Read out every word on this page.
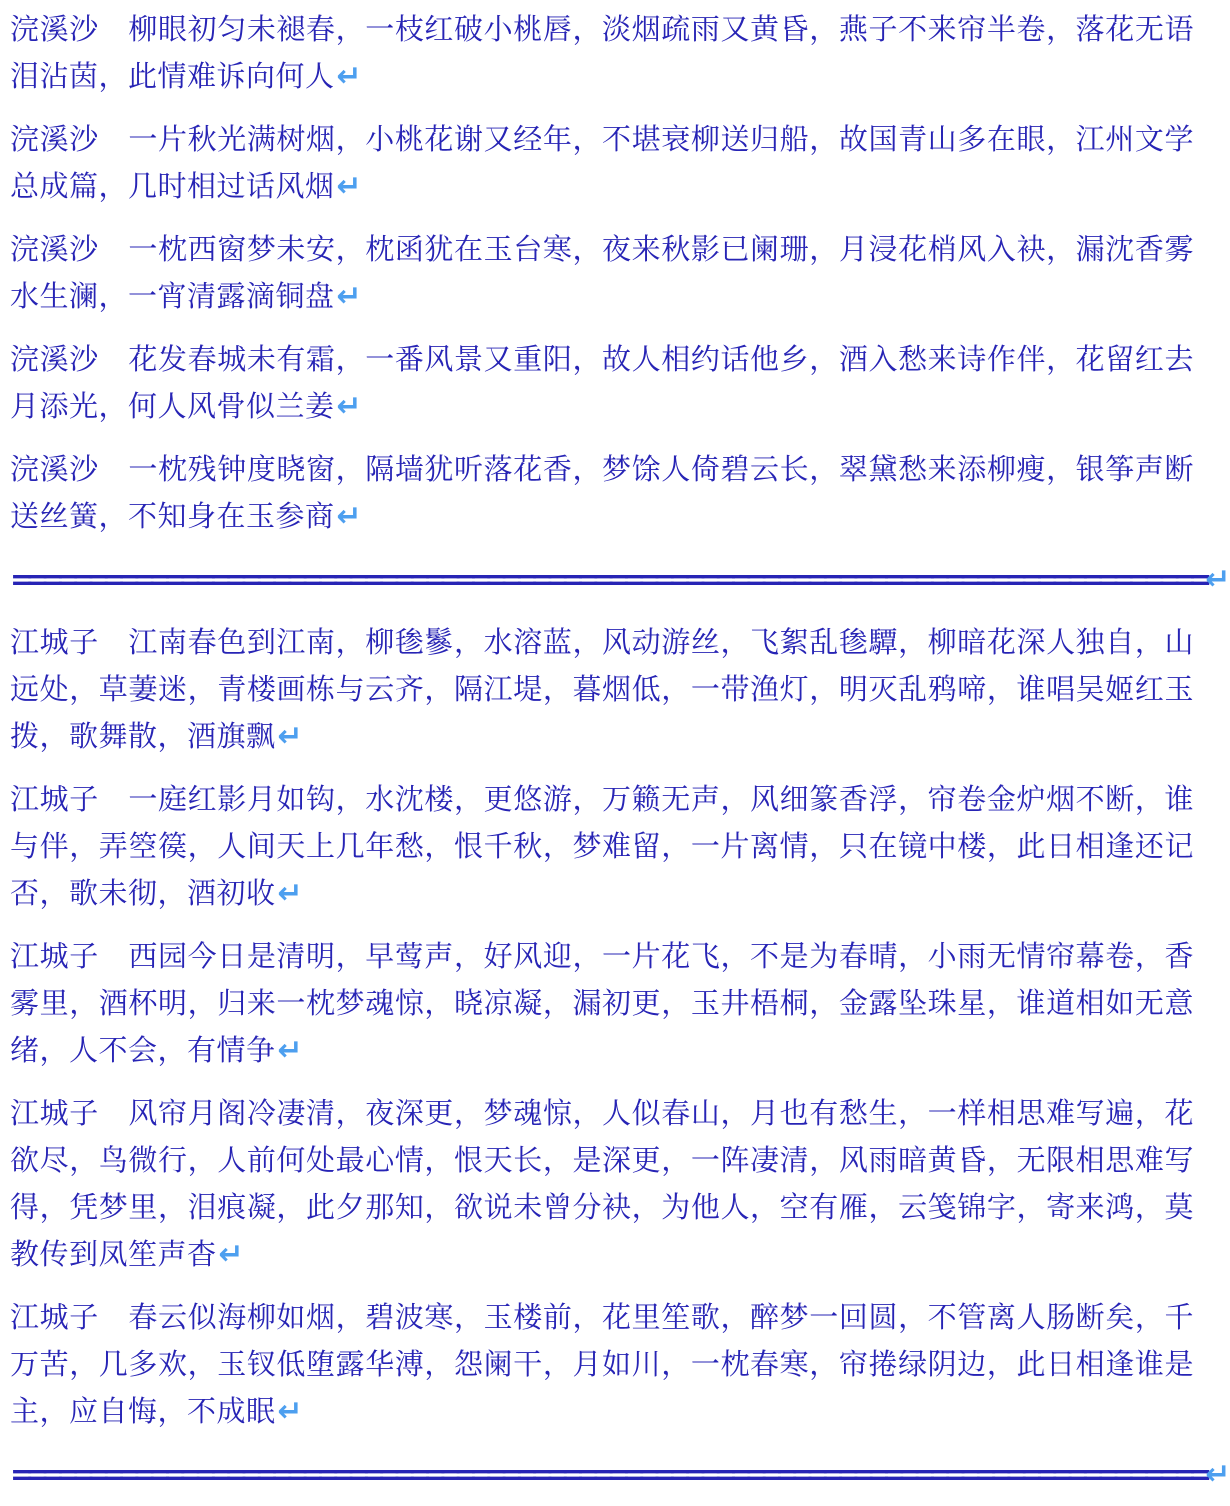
浣溪沙　柳眼初匀未褪春，一枝红破小桃唇，淡烟疏雨又黄昏，燕子不来帘半卷，落花无语泪沾茵，此情难诉向何人↵

浣溪沙　一片秋光满树烟，小桃花谢又经年，不堪衰柳送归船，故国青山多在眼，江州文学总成篇，几时相过话风烟↵

浣溪沙　一枕西窗梦未安，枕函犹在玉台寒，夜来秋影已阑珊，月浸花梢风入袂，漏沈香雾水生澜，一宵清露滴铜盘↵

浣溪沙　花发春城未有霜，一番风景又重阳，故人相约话他乡，酒入愁来诗作伴，花留红去月添光，何人风骨似兰姜↵

浣溪沙　一枕残钟度晓窗，隔墙犹听落花香，梦馀人倚碧云长，翠黛愁来添柳瘦，银筝声断送丝簧，不知身在玉参商↵

==============================================================================↵

江城子　江南春色到江南，柳毶鬖，水溶蓝，风动游丝，飞絮乱毶驔，柳暗花深人独自，山远处，草萋迷，青楼画栋与云齐，隔江堤，暮烟低，一带渔灯，明灭乱鸦啼，谁唱吴姬红玉拨，歌舞散，酒旗飘↵

江城子　一庭红影月如钩，水沈楼，更悠游，万籁无声，风细篆香浮，帘卷金炉烟不断，谁与伴，弄箜篌，人间天上几年愁，恨千秋，梦难留，一片离情，只在镜中楼，此日相逢还记否，歌未彻，酒初收↵

江城子　西园今日是清明，早莺声，好风迎，一片花飞，不是为春晴，小雨无情帘幕卷，香雾里，酒杯明，归来一枕梦魂惊，晓凉凝，漏初更，玉井梧桐，金露坠珠星，谁道相如无意绪，人不会，有情争↵

江城子　风帘月阁冷凄清，夜深更，梦魂惊，人似春山，月也有愁生，一样相思难写遍，花欲尽，鸟微行，人前何处最心情，恨天长，是深更，一阵凄清，风雨暗黄昏，无限相思难写得，凭梦里，泪痕凝，此夕那知，欲说未曾分袂，为他人，空有雁，云笺锦字，寄来鸿，莫教传到凤笙声杳↵

江城子　春云似海柳如烟，碧波寒，玉楼前，花里笙歌，醉梦一回圆，不管离人肠断矣，千万苦，几多欢，玉钗低堕露华溥，怨阑干，月如川，一枕春寒，帘捲绿阴边，此日相逢谁是主，应自悔，不成眠↵

==============================================================================↵
